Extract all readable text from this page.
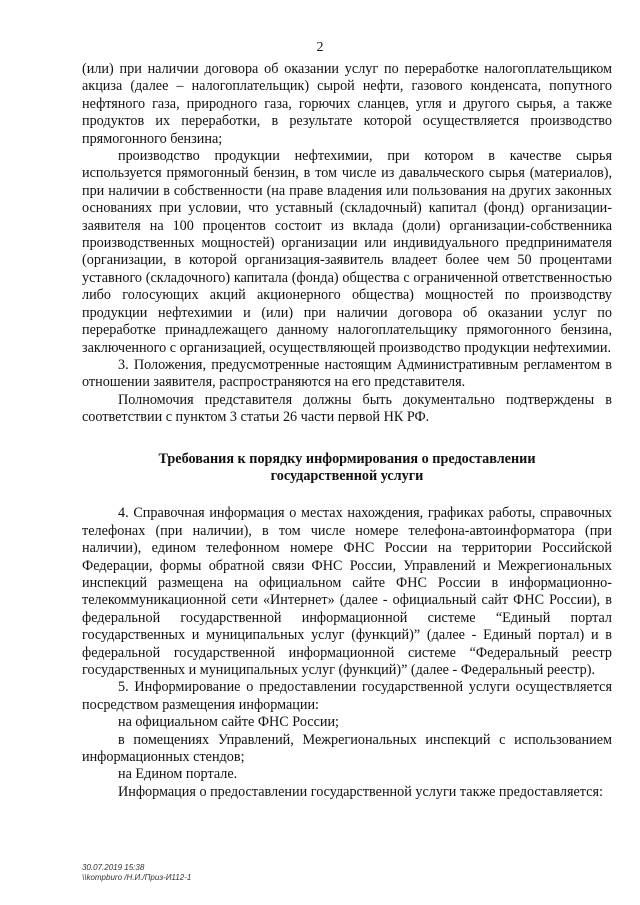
2

(или) при наличии договора об оказании услуг по переработке налогоплательщиком акциза (далее – налогоплательщик) сырой нефти, газового конденсата, попутного нефтяного газа, природного газа, горючих сланцев, угля и другого сырья, а также продуктов их переработки, в результате которой осуществляется производство прямогонного бензина;

производство продукции нефтехимии, при котором в качестве сырья используется прямогонный бензин, в том числе из давальческого сырья (материалов), при наличии в собственности (на праве владения или пользования на других законных основаниях при условии, что уставный (складочный) капитал (фонд) организации-заявителя на 100 процентов состоит из вклада (доли) организации-собственника производственных мощностей) организации или индивидуального предпринимателя (организации, в которой организация-заявитель владеет более чем 50 процентами уставного (складочного) капитала (фонда) общества с ограниченной ответственностью либо голосующих акций акционерного общества) мощностей по производству продукции нефтехимии и (или) при наличии договора об оказании услуг по переработке принадлежащего данному налогоплательщику прямогонного бензина, заключенного с организацией, осуществляющей производство продукции нефтехимии.

3. Положения, предусмотренные настоящим Административным регламентом в отношении заявителя, распространяются на его представителя.

Полномочия представителя должны быть документально подтверждены в соответствии с пунктом 3 статьи 26 части первой НК РФ.

Требования к порядку информирования о предоставлении
государственной услуги

4. Справочная информация о местах нахождения, графиках работы, справочных телефонах (при наличии), в том числе номере телефона-автоинформатора (при наличии), едином телефонном номере ФНС России на территории Российской Федерации, формы обратной связи ФНС России, Управлений и Межрегиональных инспекций размещена на официальном сайте ФНС России в информационно-телекоммуникационной сети «Интернет» (далее - официальный сайт ФНС России), в федеральной государственной информационной системе “Единый портал государственных и муниципальных услуг (функций)” (далее - Единый портал) и в федеральной государственной информационной системе “Федеральный реестр государственных и муниципальных услуг (функций)” (далее - Федеральный реестр).

5. Информирование о предоставлении государственной услуги осуществляется посредством размещения информации:

на официальном сайте ФНС России;

в помещениях Управлений, Межрегиональных инспекций с использованием информационных стендов;

на Едином портале.

Информация о предоставлении государственной услуги также предоставляется:

30.07.2019 15:38
\\kompburo /Н.И./Приз-И112-1
